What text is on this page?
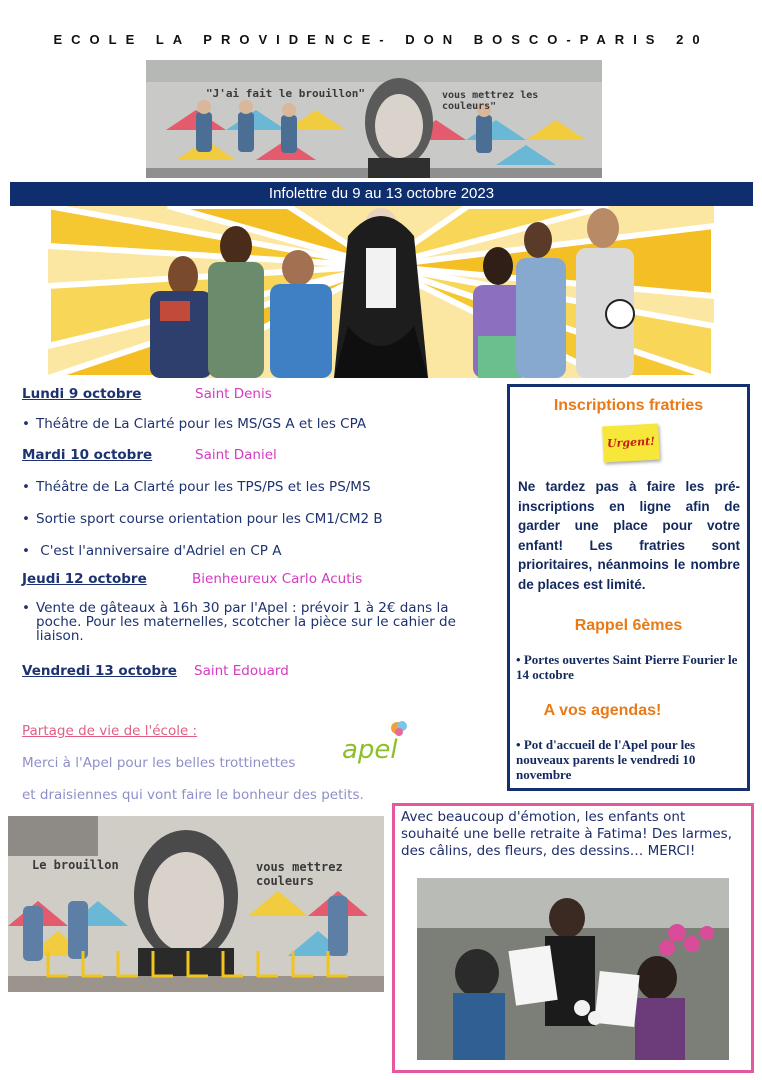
ECOLE LA PROVIDENCE- DON BOSCO-PARIS 20
"J'ai fait le brouillon"	vous mettrez les couleurs"
Infolettre du 9 au 13 octobre 2023
Lundi 9 octobre	Saint Denis
• Théâtre de La Clarté pour les MS/GS A et les CPA
Mardi 10 octobre	Saint Daniel
• Théâtre de La Clarté pour les TPS/PS et les PS/MS
• Sortie sport course orientation pour les CM1/CM2 B
• C'est l'anniversaire d'Adriel en CP A
Jeudi 12 octobre	Bienheureux Carlo Acutis
• Vente de gâteaux à 16h 30 par l'Apel : prévoir 1 à 2€ dans la
poche. Pour les maternelles, scotcher la pièce sur le cahier de
liaison.
Vendredi 13 octobre Saint Edouard
Inscriptions fratries
Urgent!
Ne tardez pas à faire les pré-inscriptions en ligne afin de garder une place pour votre enfant! Les fratries sont prioritaires, néanmoins le nombre de places est limité.
Rappel 6èmes
• Portes ouvertes Saint Pierre Fourier le 14 octobre
A vos agendas!
• Pot d'accueil de l'Apel pour les nouveaux parents le vendredi 10 novembre
Partage de vie de l'école :
Merci à l'Apel pour les belles trottinettes
et draisiennes qui vont faire le bonheur des petits.
apel
Le brouillon	vous mettrez couleurs
Avec beaucoup d'émotion, les enfants ont souhaité une belle retraite à Fatima! Des larmes, des câlins, des fleurs, des dessins… MERCI!
